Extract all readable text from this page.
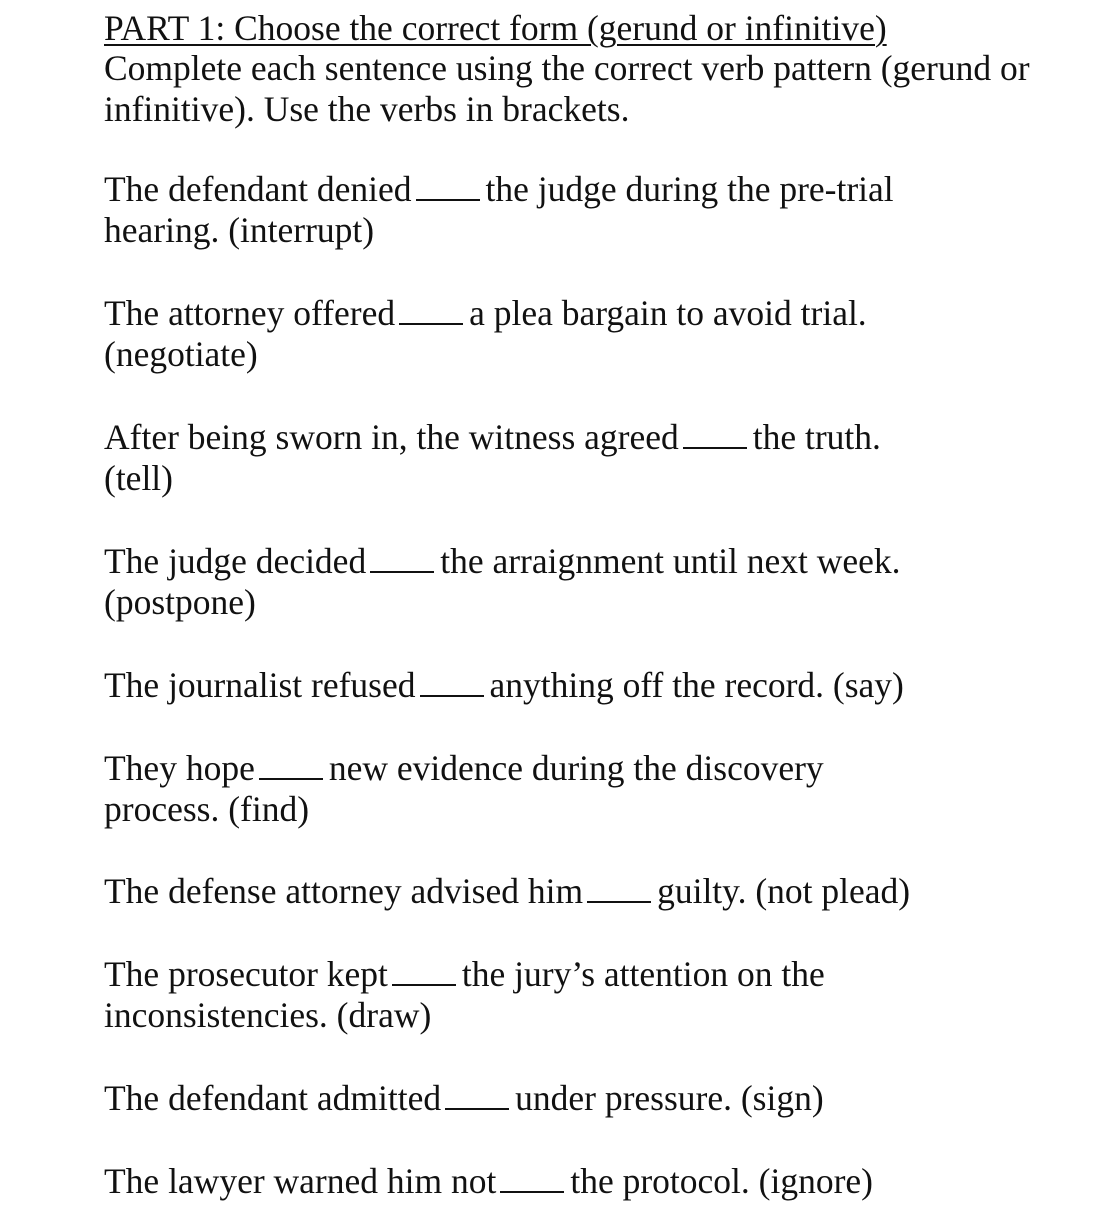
PART 1: Choose the correct form (gerund or infinitive)
Complete each sentence using the correct verb pattern (gerund or infinitive). Use the verbs in brackets.
The defendant denied the judge during the pre-trial
hearing. (interrupt)
The attorney offered a plea bargain to avoid trial.
(negotiate)
After being sworn in, the witness agreed the truth.
(tell)
The judge decided the arraignment until next week.
(postpone)
The journalist refused anything off the record. (say)
They hope new evidence during the discovery
process. (find)
The defense attorney advised him guilty. (not plead)
The prosecutor kept the jury’s attention on the
inconsistencies. (draw)
The defendant admitted under pressure. (sign)
The lawyer warned him not the protocol. (ignore)
